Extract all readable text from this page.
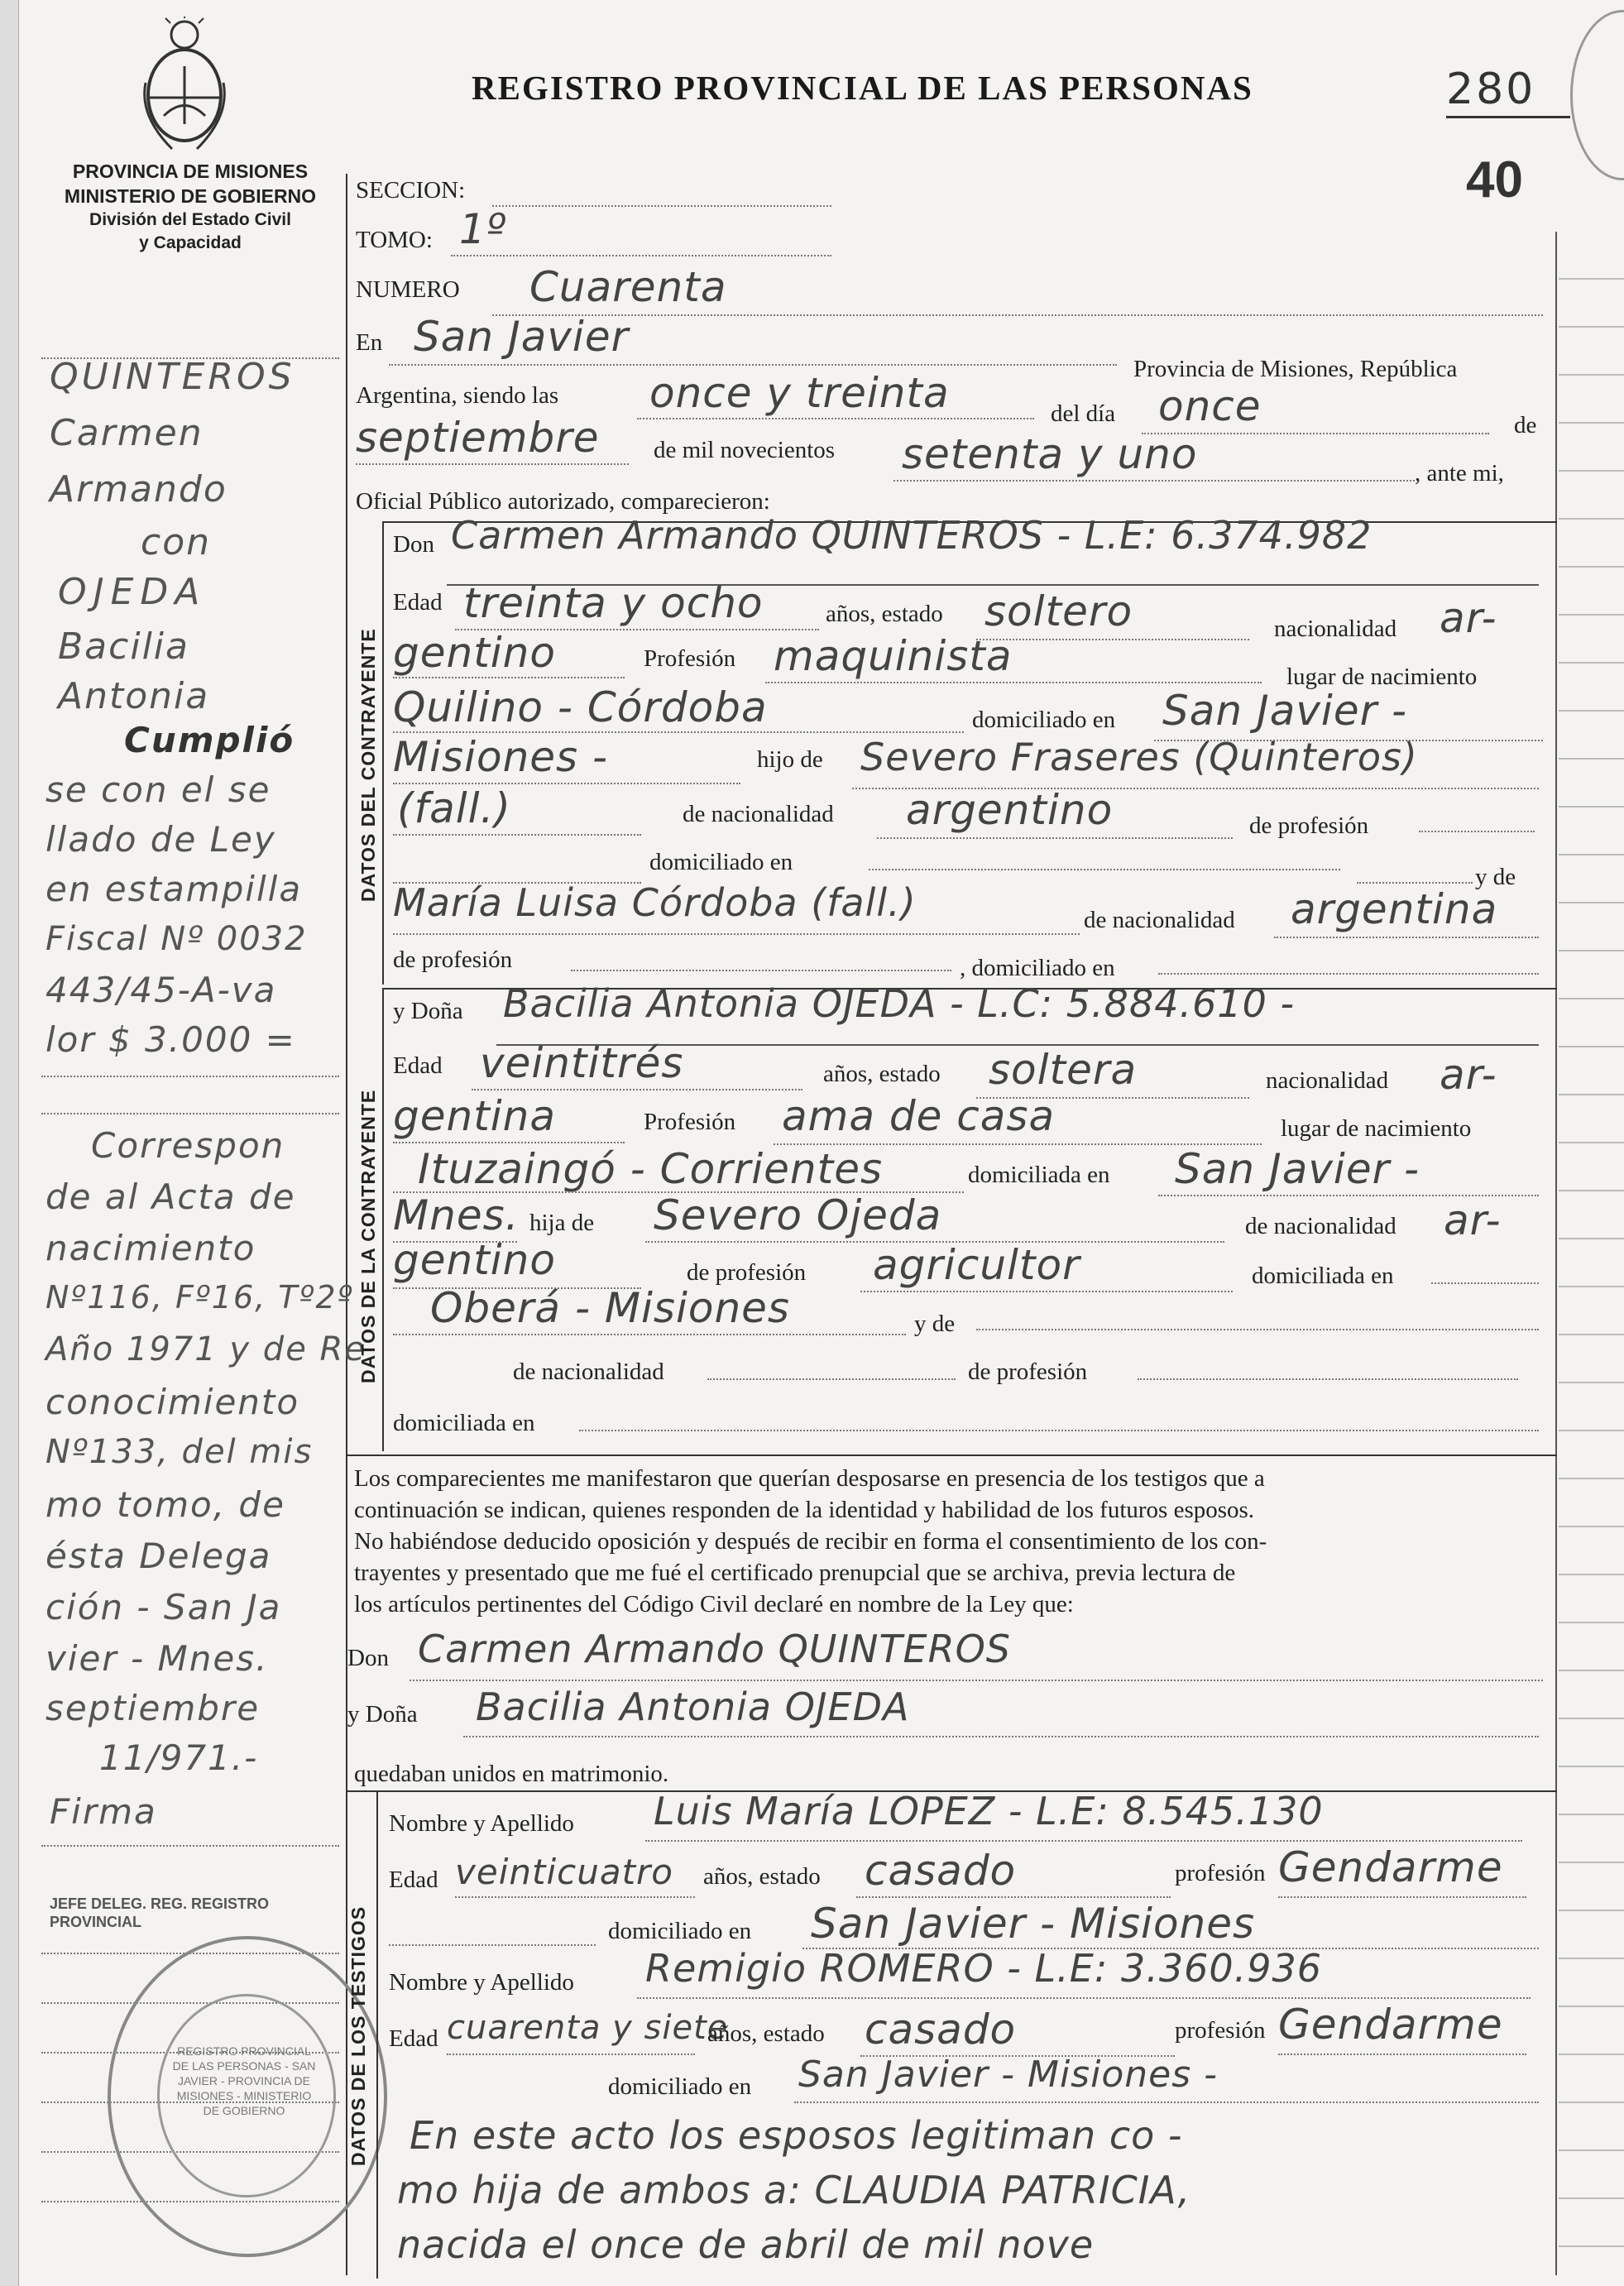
PROVINCIA DE MISIONES
MINISTERIO DE GOBIERNO
División del Estado Civil
y Capacidad
REGISTRO PROVINCIAL DE LAS PERSONAS	280
40
QUINTEROS
Carmen
Armando
con
OJEDA
Bacilia
Antonia
Cumplió
se con el se
llado de Ley
en estampilla
Fiscal Nº 0032
443/45-A-va
lor $ 3.000 =
Correspon
de al Acta de
nacimiento
Nº116, Fº16, Tº2º
Año 1971 y de Re
conocimiento
Nº133, del mis
mo tomo, de
ésta Delega
ción - San Ja
vier - Mnes.
septiembre
11/971.-
Firma
JEFE DELEG. REG. REGISTRO PROVINCIAL
REGISTRO PROVINCIAL DE LAS PERSONAS - SAN JAVIER - PROVINCIA DE MISIONES - MINISTERIO DE GOBIERNO
SECCION:
TOMO: 1º
NUMERO Cuarenta
En San Javier
Provincia de Misiones, República
Argentina, siendo las once y treinta	del día once	de
septiembre de mil novecientos setenta y uno	, ante mi,
Oficial Público autorizado, comparecieron:
DATOS DEL CONTRAYENTE
Don Carmen Armando QUINTEROS - L.E: 6.374.982
Edad treinta y ocho	años, estado soltero	nacionalidad ar-
gentino	Profesión maquinista	lugar de nacimiento
Quilino - Córdoba	domiciliado en San Javier -
Misiones -	hijo de Severo Fraseres (Quinteros)
(fall.)	de nacionalidad argentino	de profesión
domiciliado en
y de
María Luisa Córdoba (fall.)	de nacionalidad argentina
de profesión	, domiciliado en
DATOS DE LA CONTRAYENTE
y Doña Bacilia Antonia OJEDA - L.C: 5.884.610 -
Edad veintitrés	años, estado soltera	nacionalidad ar-
gentina	Profesión ama de casa	lugar de nacimiento
Ituzaingó - Corrientes	domiciliada en San Javier -
Mnes. hija de Severo Ojeda	de nacionalidad ar-
gentino	de profesión agricultor	domiciliada en
Oberá - Misiones	y de
de nacionalidad	de profesión
domiciliada en
Los comparecientes me manifestaron que querían desposarse en presencia de los testigos que a
continuación se indican, quienes responden de la identidad y habilidad de los futuros esposos.
No habiéndose deducido oposición y después de recibir en forma el consentimiento de los con-
trayentes y presentado que me fué el certificado prenupcial que se archiva, previa lectura de
los artículos pertinentes del Código Civil declaré en nombre de la Ley que:
Don Carmen Armando QUINTEROS
y Doña Bacilia Antonia OJEDA
quedaban unidos en matrimonio.
DATOS DE LOS TESTIGOS
Nombre y Apellido Luis María LOPEZ - L.E: 8.545.130
Edad veinticuatro años, estado casado	profesión Gendarme
domiciliado en San Javier - Misiones
Nombre y Apellido Remigio ROMERO - L.E: 3.360.936
Edad cuarenta y siete
años, estado casado	profesión Gendarme
domiciliado en San Javier - Misiones -
En este acto los esposos legitiman co -
mo hija de ambos a: CLAUDIA PATRICIA,
nacida el once de abril de mil nove
